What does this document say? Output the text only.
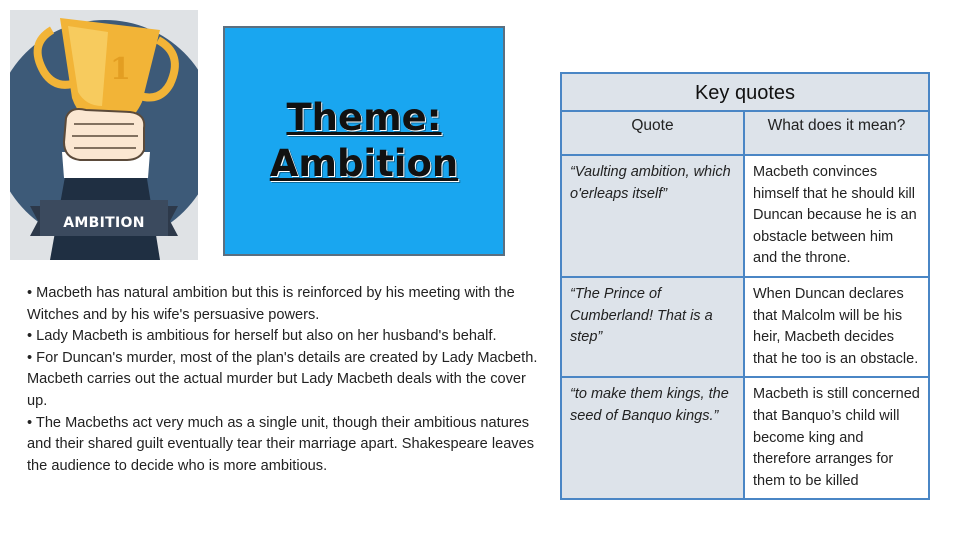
AMBITION
1
Theme:
Ambition

• Macbeth has natural ambition but this is reinforced by his meeting with the Witches and by his wife's persuasive powers.

• Lady Macbeth is ambitious for herself but also on her husband's behalf.

• For Duncan's murder, most of the plan's details are created by Lady Macbeth. Macbeth carries out the actual murder but Lady Macbeth deals with the cover up.

• The Macbeths act very much as a single unit, though their ambitious natures and their shared guilt eventually tear their marriage apart. Shakespeare leaves the audience to decide who is more ambitious.

Key quotes
Quote	What does it mean?
“Vaulting ambition, which o'erleaps itself”
Macbeth convinces himself that he should kill Duncan because he is an obstacle between him and the throne.
“The Prince of Cumberland! That is a step”
When Duncan declares that Malcolm will be his heir, Macbeth decides that he too is an obstacle.
“to make them kings, the seed of Banquo kings.”
Macbeth is still concerned that Banquo’s child will become king and therefore arranges for them to be killed
